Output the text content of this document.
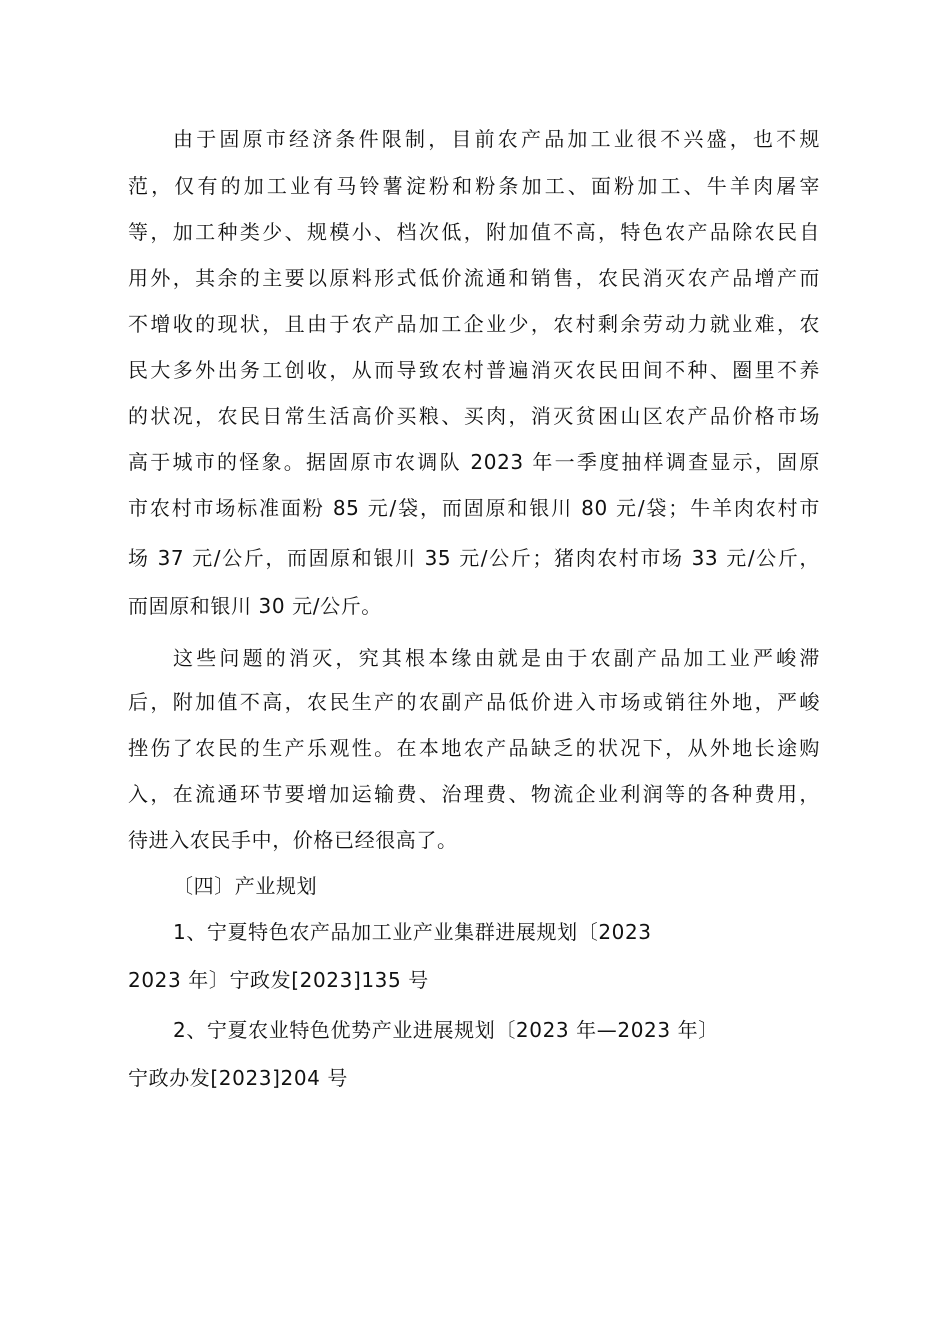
由于固原市经济条件限制，目前农产品加工业很不兴盛，也不规
范，仅有的加工业有马铃薯淀粉和粉条加工、面粉加工、牛羊肉屠宰
等，加工种类少、规模小、档次低，附加值不高，特色农产品除农民自
用外，其余的主要以原料形式低价流通和销售，农民消灭农产品增产而
不增收的现状，且由于农产品加工企业少，农村剩余劳动力就业难，农
民大多外出务工创收，从而导致农村普遍消灭农民田间不种、圈里不养
的状况，农民日常生活高价买粮、买肉，消灭贫困山区农产品价格市场
高于城市的怪象。据固原市农调队 2023 年一季度抽样调查显示，固原
市农村市场标准面粉 85 元/袋，而固原和银川 80 元/袋；牛羊肉农村市
场 37 元/公斤，而固原和银川 35 元/公斤；猪肉农村市场 33 元/公斤，
而固原和银川 30 元/公斤。
这些问题的消灭，究其根本缘由就是由于农副产品加工业严峻滞
后，附加值不高，农民生产的农副产品低价进入市场或销往外地，严峻
挫伤了农民的生产乐观性。在本地农产品缺乏的状况下，从外地长途购
入，在流通环节要增加运输费、治理费、物流企业利润等的各种费用，
待进入农民手中，价格已经很高了。
〔四〕产业规划
1、宁夏特色农产品加工业产业集群进展规划〔2023
2023 年〕宁政发[2023]135 号
2、宁夏农业特色优势产业进展规划〔2023 年—2023 年〕
宁政办发[2023]204 号
